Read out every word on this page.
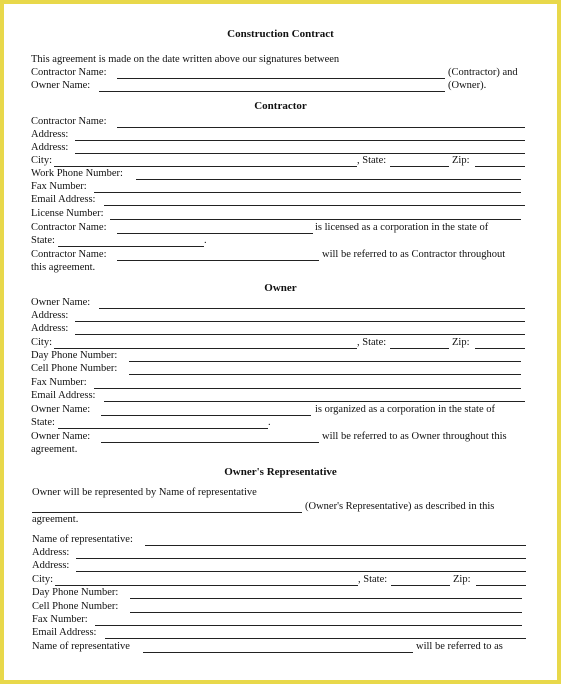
Construction Contract
This agreement is made on the date written above our signatures between
Contractor Name:	(Contractor) and
Owner Name:	(Owner).
Contractor
Contractor Name:
Address:
Address:
City:	, State:	Zip:
Work Phone Number:
Fax Number:
Email Address:
License Number:
Contractor Name:	is licensed as a corporation in the state of
State:	.
Contractor Name:	will be referred to as Contractor throughout
this agreement.
Owner
Owner Name:
Address:
Address:
City:	, State:	Zip:
Day Phone Number:
Cell Phone Number:
Fax Number:
Email Address:
Owner Name:	is organized as a corporation in the state of
State:	.
Owner Name:	will be referred to as Owner throughout this
agreement.
Owner's Representative
Owner will be represented by Name of representative
(Owner's Representative) as described in this
agreement.
Name of representative:
Address:
Address:
City:	, State:	Zip:
Day Phone Number:
Cell Phone Number:
Fax Number:
Email Address:
Name of representative	will be referred to as
